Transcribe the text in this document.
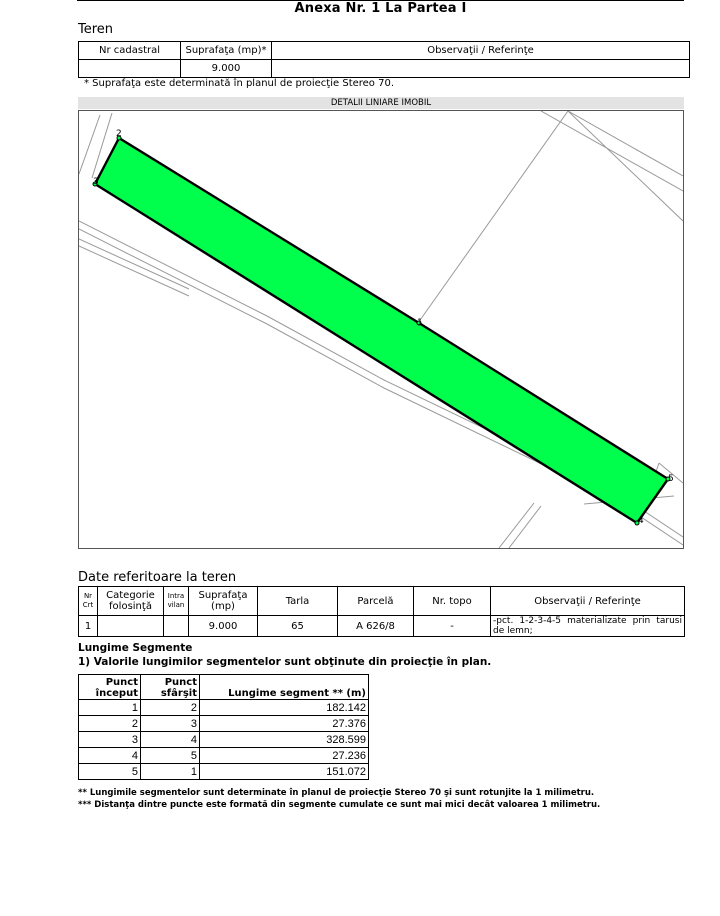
Anexa Nr. 1 La Partea I
Teren
Nr cadastral	Suprafaţa (mp)*	Observaţii / Referinţe
	9.000	
* Suprafaţa este determinată în planul de proiecţie Stereo 70.
DETALII LINIARE IMOBIL
1
2
3
4
5
Date referitoare la teren
Nr Crt	Categorie folosinţă	Intra vilan	Suprafaţa (mp)	Tarla	Parcelă	Nr. topo	Observaţii / Referinţe
1			9.000	65	A 626/8	-	-pct. 1-2-3-4-5 materializate prin tarusi de lemn;
Lungime Segmente
1) Valorile lungimilor segmentelor sunt obţinute din proiecţie în plan.
Punct început	Punct sfârşit	Lungime segment ** (m)
1	2	182.142
2	3	27.376
3	4	328.599
4	5	27.236
5	1	151.072
** Lungimile segmentelor sunt determinate în planul de proiecţie Stereo 70 şi sunt rotunjite la 1 milimetru.
*** Distanţa dintre puncte este formată din segmente cumulate ce sunt mai mici decât valoarea 1 milimetru.
